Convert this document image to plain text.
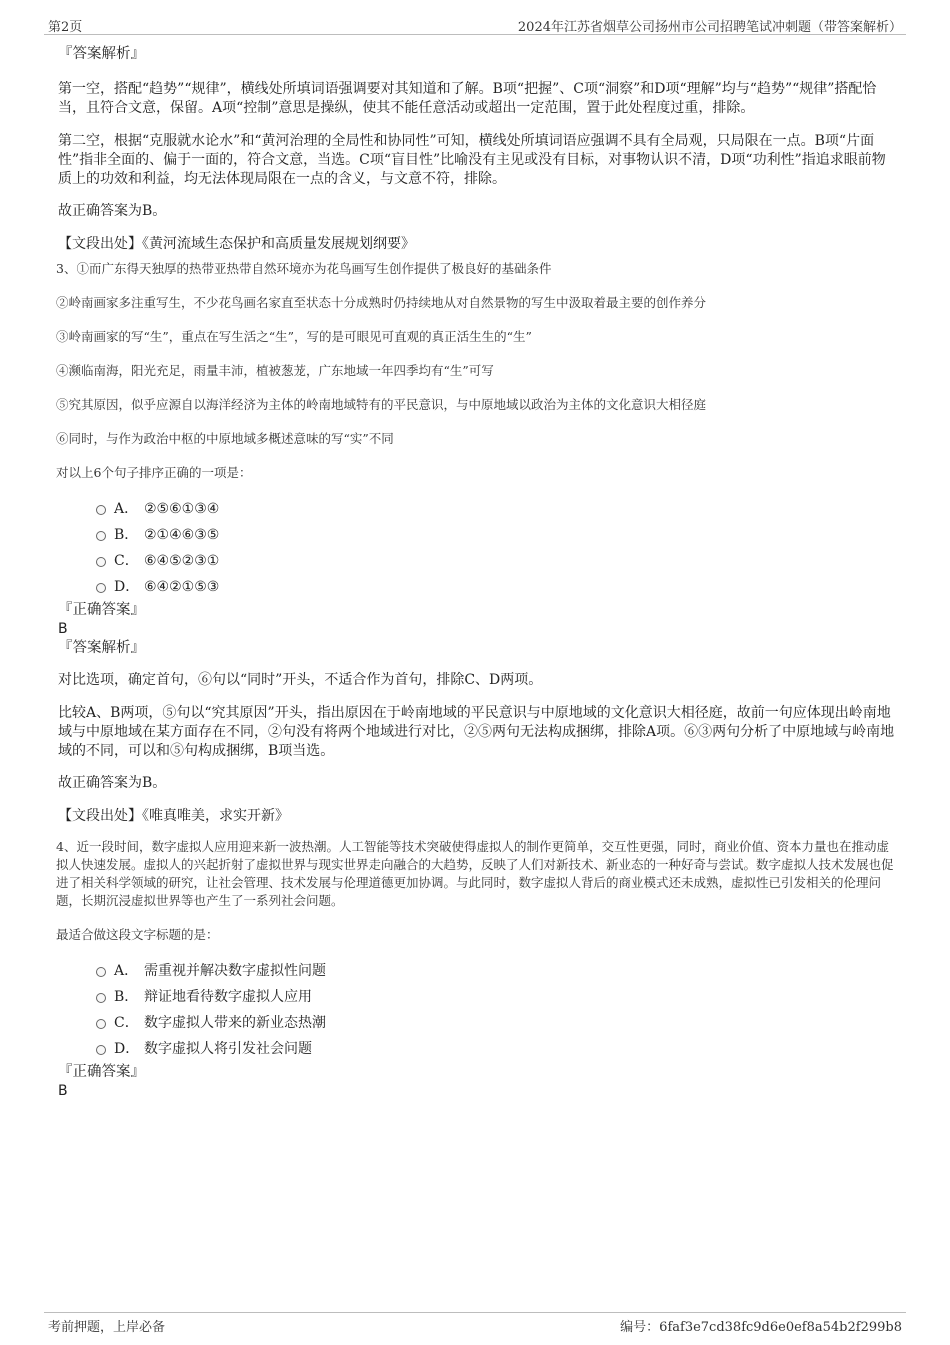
第2页	2024年江苏省烟草公司扬州市公司招聘笔试冲刺题（带答案解析）
『答案解析』
第一空，搭配“趋势”“规律”，横线处所填词语强调要对其知道和了解。B项“把握”、C项“洞察”和D项“理解”均与“趋势”“规律”搭配恰当，且符合文意，保留。A项“控制”意思是操纵，使其不能任意活动或超出一定范围，置于此处程度过重，排除。
第二空，根据“克服就水论水”和“黄河治理的全局性和协同性”可知，横线处所填词语应强调不具有全局观，只局限在一点。B项“片面性”指非全面的、偏于一面的，符合文意，当选。C项“盲目性”比喻没有主见或没有目标，对事物认识不清，D项“功利性”指追求眼前物质上的功效和利益，均无法体现局限在一点的含义，与文意不符，排除。
故正确答案为B。
【文段出处】《黄河流域生态保护和高质量发展规划纲要》
3、①而广东得天独厚的热带亚热带自然环境亦为花鸟画写生创作提供了极良好的基础条件
②岭南画家多注重写生，不少花鸟画名家直至状态十分成熟时仍持续地从对自然景物的写生中汲取着最主要的创作养分
③岭南画家的写“生”，重点在写生活之“生”，写的是可眼见可直观的真正活生生的“生”
④濒临南海，阳光充足，雨量丰沛，植被葱茏，广东地域一年四季均有“生”可写
⑤究其原因，似乎应源自以海洋经济为主体的岭南地域特有的平民意识，与中原地域以政治为主体的文化意识大相径庭
⑥同时，与作为政治中枢的中原地域多概述意味的写“实”不同
对以上6个句子排序正确的一项是：
A． ②⑤⑥①③④
B． ②①④⑥③⑤
C． ⑥④⑤②③①
D． ⑥④②①⑤③
『正确答案』
B
『答案解析』
对比选项，确定首句，⑥句以“同时”开头，不适合作为首句，排除C、D两项。
比较A、B两项，⑤句以“究其原因”开头，指出原因在于岭南地域的平民意识与中原地域的文化意识大相径庭，故前一句应体现出岭南地域与中原地域在某方面存在不同，②句没有将两个地域进行对比，②⑤两句无法构成捆绑，排除A项。⑥③两句分析了中原地域与岭南地域的不同，可以和⑤句构成捆绑，B项当选。
故正确答案为B。
【文段出处】《唯真唯美，求实开新》
4、近一段时间，数字虚拟人应用迎来新一波热潮。人工智能等技术突破使得虚拟人的制作更简单，交互性更强，同时，商业价值、资本力量也在推动虚拟人快速发展。虚拟人的兴起折射了虚拟世界与现实世界走向融合的大趋势，反映了人们对新技术、新业态的一种好奇与尝试。数字虚拟人技术发展也促进了相关科学领域的研究，让社会管理、技术发展与伦理道德更加协调。与此同时，数字虚拟人背后的商业模式还未成熟，虚拟性已引发相关的伦理问题，长期沉浸虚拟世界等也产生了一系列社会问题。
最适合做这段文字标题的是：
A． 需重视并解决数字虚拟性问题
B． 辩证地看待数字虚拟人应用
C． 数字虚拟人带来的新业态热潮
D． 数字虚拟人将引发社会问题
『正确答案』
B
考前押题，上岸必备	编号：6faf3e7cd38fc9d6e0ef8a54b2f299b8
